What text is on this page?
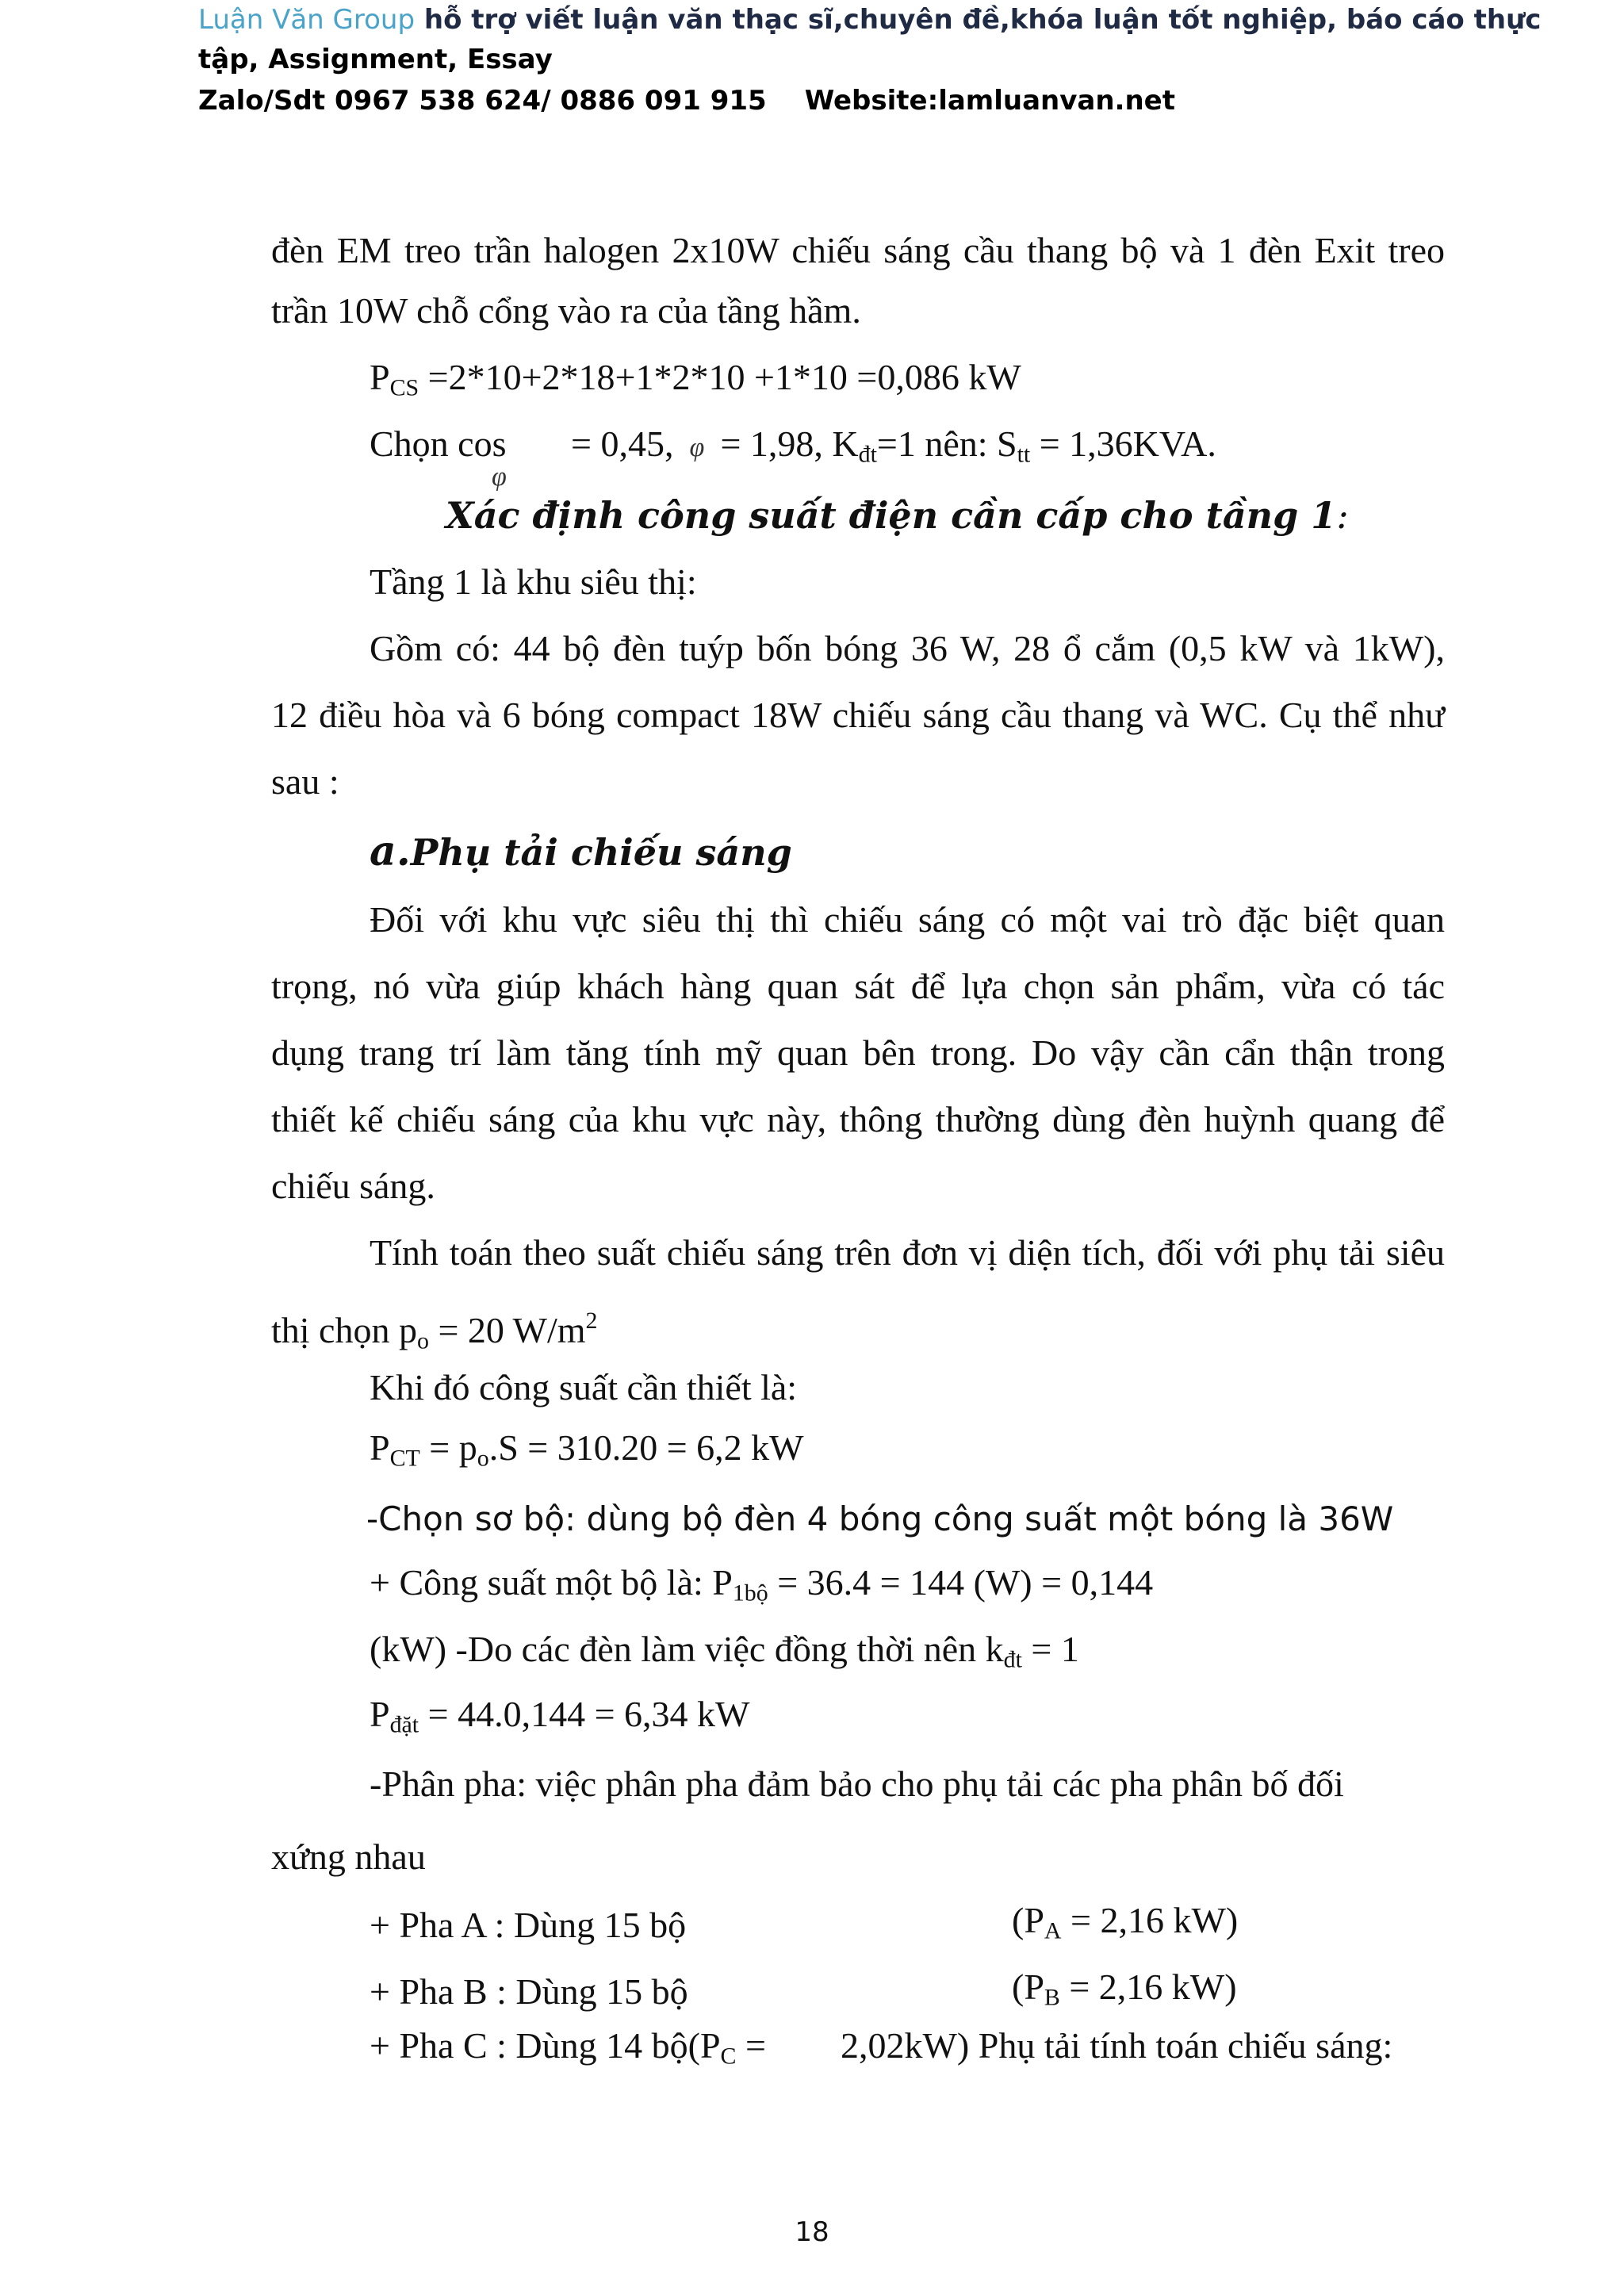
Luận Văn Group hỗ trợ viết luận văn thạc sĩ,chuyên đề,khóa luận tốt nghiệp, báo cáo thực
tập, Assignment, Essay
Zalo/Sdt 0967 538 624/ 0886 091 915 Website:lamluanvan.net
đèn EM treo trần halogen 2x10W chiếu sáng cầu thang bộ và 1 đèn Exit treo
trần 10W chỗ cổng vào ra của tầng hầm.
$P_{CS} =2*10+2*18+1*2*10 +1*10 =0,086$ kW
Chọn cos
φ
= 0,45, φ = 1,98, $K_{đt}=1$ nên: $S_{tt} = 1,36KVA$.
Xác định công suất điện cần cấp cho tầng 1:
Tầng 1 là khu siêu thị:
Gồm có: 44 bộ đèn tuýp bốn bóng 36 W, 28 ổ cắm (0,5 kW và 1kW),
12 điều hòa và 6 bóng compact 18W chiếu sáng cầu thang và WC. Cụ thể như
sau :
a.Phụ tải chiếu sáng
Đối với khu vực siêu thị thì chiếu sáng có một vai trò đặc biệt quan
trọng, nó vừa giúp khách hàng quan sát để lựa chọn sản phẩm, vừa có tác
dụng trang trí làm tăng tính mỹ quan bên trong. Do vậy cần cẩn thận trong
thiết kế chiếu sáng của khu vực này, thông thường dùng đèn huỳnh quang để
chiếu sáng.
Tính toán theo suất chiếu sáng trên đơn vị diện tích, đối với phụ tải siêu
thị chọn $p_o = 20$ $W/m^2$
Khi đó công suất cần thiết là:
$P_{CT} = p_o.S = 310.20 = 6,2$ kW
-Chọn sơ bộ: dùng bộ đèn 4 bóng công suất một bóng là 36W
+ Công suất một bộ là: $P_{1bộ} = 36.4 = 144$ (W) = 0,144
(kW) -Do các đèn làm việc đồng thời nên $k_{đt} = 1$
$P_{đặt} = 44.0,144 = 6,34$ kW
-Phân pha: việc phân pha đảm bảo cho phụ tải các pha phân bố đối
xứng nhau
+ Pha A : Dùng 15 bộ	($P_A = 2,16$ kW)
+ Pha B : Dùng 15 bộ	($P_B = 2,16$ kW)
+ Pha C : Dùng 14 $bộ(P_C = 2,02kW)$ Phụ tải tính toán chiếu sáng:
18
